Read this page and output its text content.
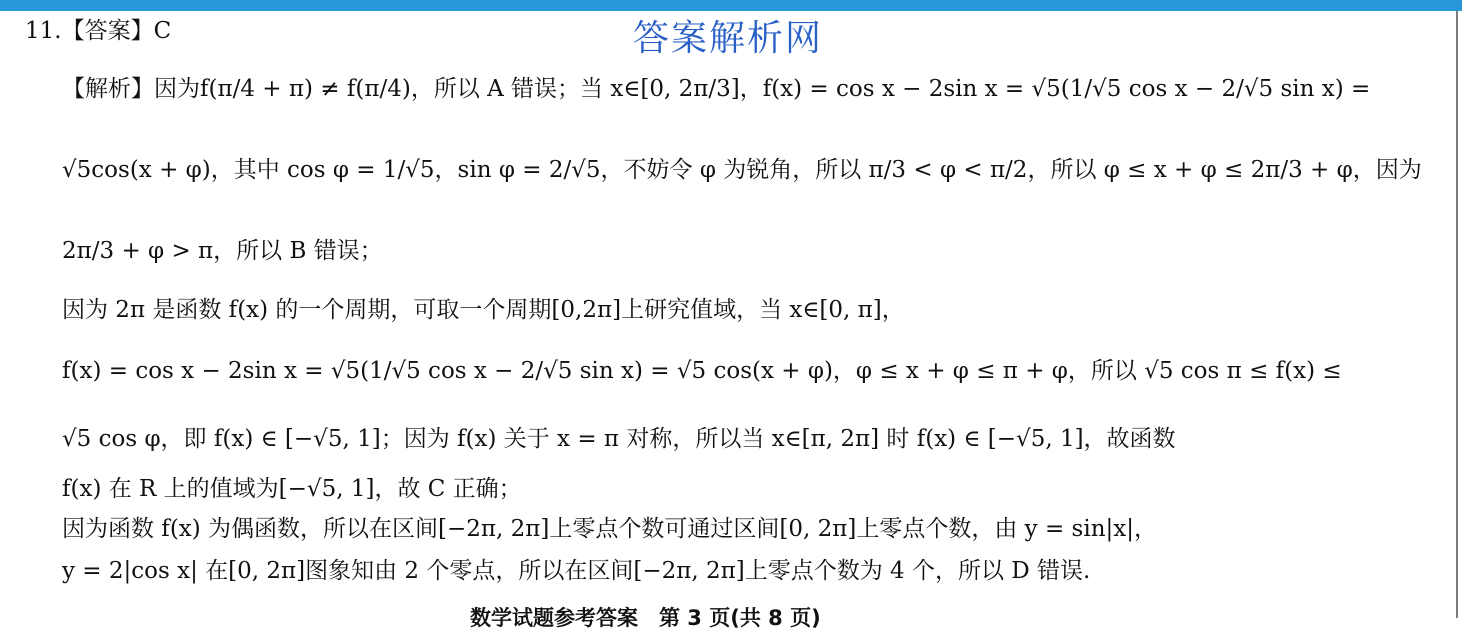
答案解析网
11.【答案】C
【解析】因为f(π/4 + π) ≠ f(π/4)，所以 A 错误；当 x∈[0, 2π/3]，f(x) = cos x − 2sin x = √5(1/√5 cos x − 2/√5 sin x) =
√5cos(x + φ)，其中 cos φ = 1/√5，sin φ = 2/√5，不妨令 φ 为锐角，所以 π/3 < φ < π/2，所以 φ ≤ x + φ ≤ 2π/3 + φ，因为
2π/3 + φ > π，所以 B 错误；
因为 2π 是函数 f(x) 的一个周期，可取一个周期[0,2π]上研究值域，当 x∈[0, π]，
f(x) = cos x − 2sin x = √5(1/√5 cos x − 2/√5 sin x) = √5 cos(x + φ)，φ ≤ x + φ ≤ π + φ，所以 √5 cos π ≤ f(x) ≤
√5 cos φ，即 f(x) ∈ [−√5, 1]；因为 f(x) 关于 x = π 对称，所以当 x∈[π, 2π] 时 f(x) ∈ [−√5, 1]，故函数
f(x) 在 R 上的值域为[−√5, 1]，故 C 正确；
因为函数 f(x) 为偶函数，所以在区间[−2π, 2π]上零点个数可通过区间[0, 2π]上零点个数，由 y = sin|x|，
y = 2|cos x| 在[0, 2π]图象知由 2 个零点，所以在区间[−2π, 2π]上零点个数为 4 个，所以 D 错误.
数学试题参考答案　第 3 页(共 8 页)
